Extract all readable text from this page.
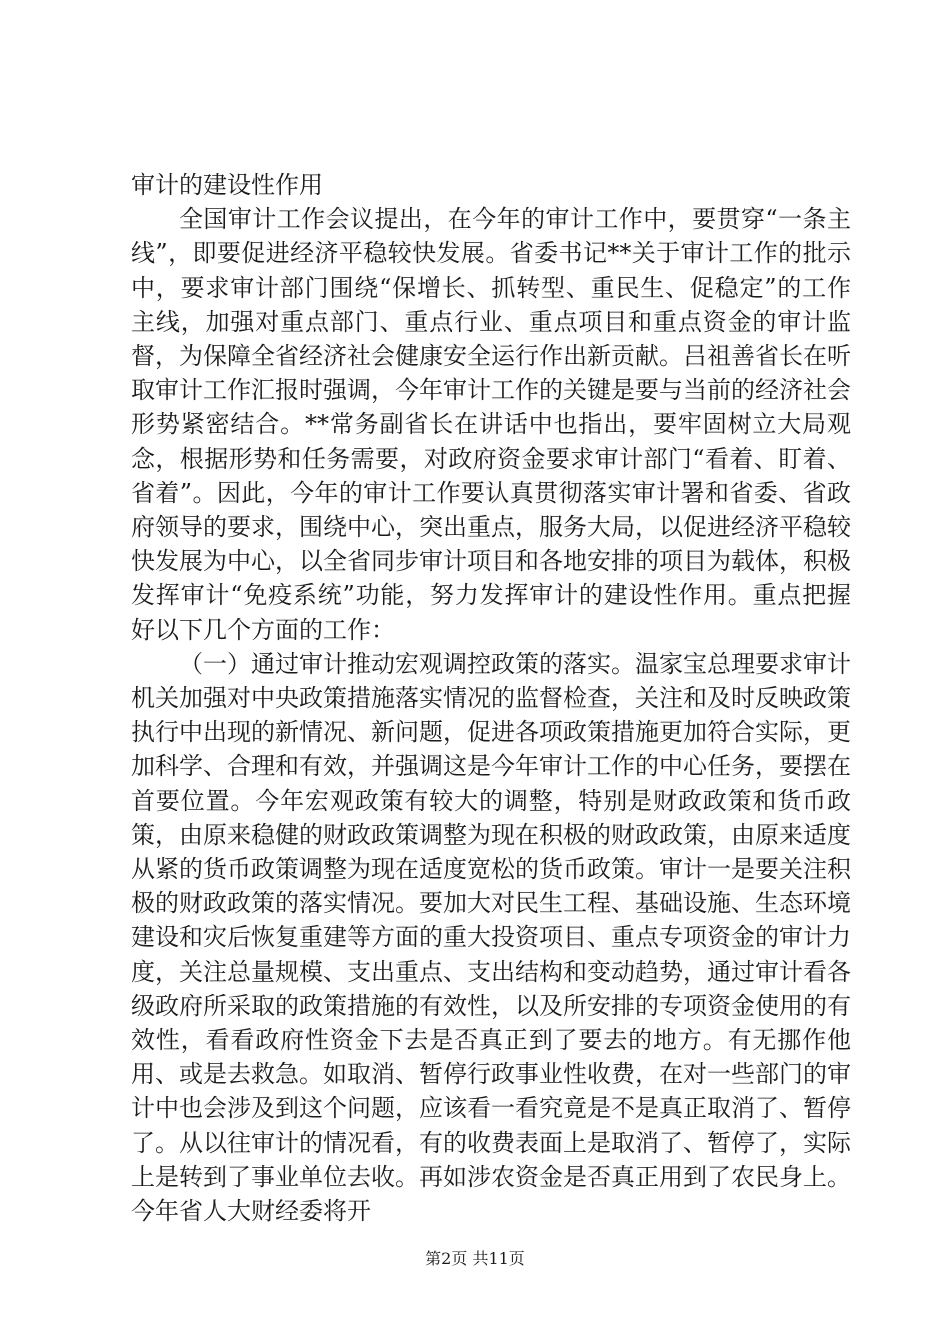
审计的建设性作用

全国审计工作会议提出，在今年的审计工作中，要贯穿“一条主线”，即要促进经济平稳较快发展。省委书记**关于审计工作的批示中，要求审计部门围绕“保增长、抓转型、重民生、促稳定”的工作主线，加强对重点部门、重点行业、重点项目和重点资金的审计监督，为保障全省经济社会健康安全运行作出新贡献。吕祖善省长在听取审计工作汇报时强调，今年审计工作的关键是要与当前的经济社会形势紧密结合。**常务副省长在讲话中也指出，要牢固树立大局观念，根据形势和任务需要，对政府资金要求审计部门“看着、盯着、省着”。因此，今年的审计工作要认真贯彻落实审计署和省委、省政府领导的要求，围绕中心，突出重点，服务大局，以促进经济平稳较快发展为中心，以全省同步审计项目和各地安排的项目为载体，积极发挥审计“免疫系统”功能，努力发挥审计的建设性作用。重点把握好以下几个方面的工作：

（一）通过审计推动宏观调控政策的落实。温家宝总理要求审计机关加强对中央政策措施落实情况的监督检查，关注和及时反映政策执行中出现的新情况、新问题，促进各项政策措施更加符合实际，更加科学、合理和有效，并强调这是今年审计工作的中心任务，要摆在首要位置。今年宏观政策有较大的调整，特别是财政政策和货币政策，由原来稳健的财政政策调整为现在积极的财政政策，由原来适度从紧的货币政策调整为现在适度宽松的货币政策。审计一是要关注积极的财政政策的落实情况。要加大对民生工程、基础设施、生态环境建设和灾后恢复重建等方面的重大投资项目、重点专项资金的审计力度，关注总量规模、支出重点、支出结构和变动趋势，通过审计看各级政府所采取的政策措施的有效性，以及所安排的专项资金使用的有效性，看看政府性资金下去是否真正到了要去的地方。有无挪作他用、或是去救急。如取消、暂停行政事业性收费，在对一些部门的审计中也会涉及到这个问题，应该看一看究竟是不是真正取消了、暂停了。从以往审计的情况看，有的收费表面上是取消了、暂停了，实际上是转到了事业单位去收。再如涉农资金是否真正用到了农民身上。今年省人大财经委将开

第2页 共11页
